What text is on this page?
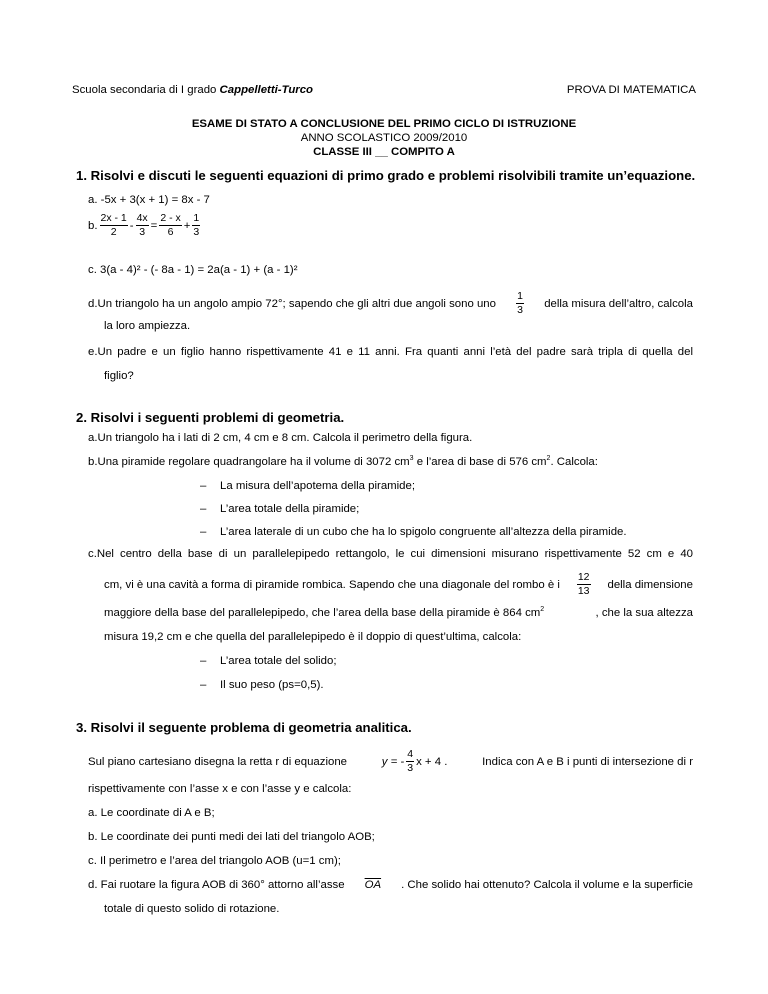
Scuola secondaria di I grado Cappelletti-Turco	PROVA DI MATEMATICA
ESAME DI STATO A CONCLUSIONE DEL PRIMO CICLO DI ISTRUZIONE
ANNO SCOLASTICO 2009/2010
CLASSE III __ COMPITO A
1. Risolvi e discuti le seguenti equazioni di primo grado e problemi risolvibili tramite un’equazione.
a. -5x + 3(x + 1) = 8x - 7
b. $\frac{2x - 1}{2} - \frac{4x}{3} = \frac{2 - x}{6} + \frac{1}{3}$
c. 3(a - 4)² - (- 8a - 1) = 2a(a - 1) + (a - 1)²
d.Un triangolo ha un angolo ampio 72°; sapendo che gli altri due angoli sono uno $\frac{1}{3}$ della misura dell’altro, calcola
la loro ampiezza.
e.Un padre e un figlio hanno rispettivamente 41 e 11 anni. Fra quanti anni l’età del padre sarà tripla di quella del
figlio?
2. Risolvi i seguenti problemi di geometria.
a.Un triangolo ha i lati di 2 cm, 4 cm e 8 cm. Calcola il perimetro della figura.
b.Una piramide regolare quadrangolare ha il volume di 3072 $cm^3$ e l’area di base di 576 $cm^2$. Calcola:
– La misura dell’apotema della piramide;
– L’area totale della piramide;
– L’area laterale di un cubo che ha lo spigolo congruente all’altezza della piramide.
c.Nel centro della base di un parallelepipedo rettangolo, le cui dimensioni misurano rispettivamente 52 cm e 40
cm, vi è una cavità a forma di piramide rombica. Sapendo che una diagonale del rombo è i $\frac{12}{13}$ della dimensione
maggiore della base del parallelepipedo, che l’area della base della piramide è 864 $cm^2$	, che la sua altezza
misura 19,2 cm e che quella del parallelepipedo è il doppio di quest’ultima, calcola:
– L’area totale del solido;
– Il suo peso (ps=0,5).
3. Risolvi il seguente problema di geometria analitica.
Sul piano cartesiano disegna la retta r di equazione	y = - $\frac{4}{3}$ x + 4 .	Indica con A e B i punti di intersezione di r
rispettivamente con l’asse x e con l’asse y e calcola:
a. Le coordinate di A e B;
b. Le coordinate dei punti medi dei lati del triangolo AOB;
c. Il perimetro e l’area del triangolo AOB (u=1 cm);
d. Fai ruotare la figura AOB di 360° attorno all’asse $\overline{OA}$ . Che solido hai ottenuto? Calcola il volume e la superficie
totale di questo solido di rotazione.
